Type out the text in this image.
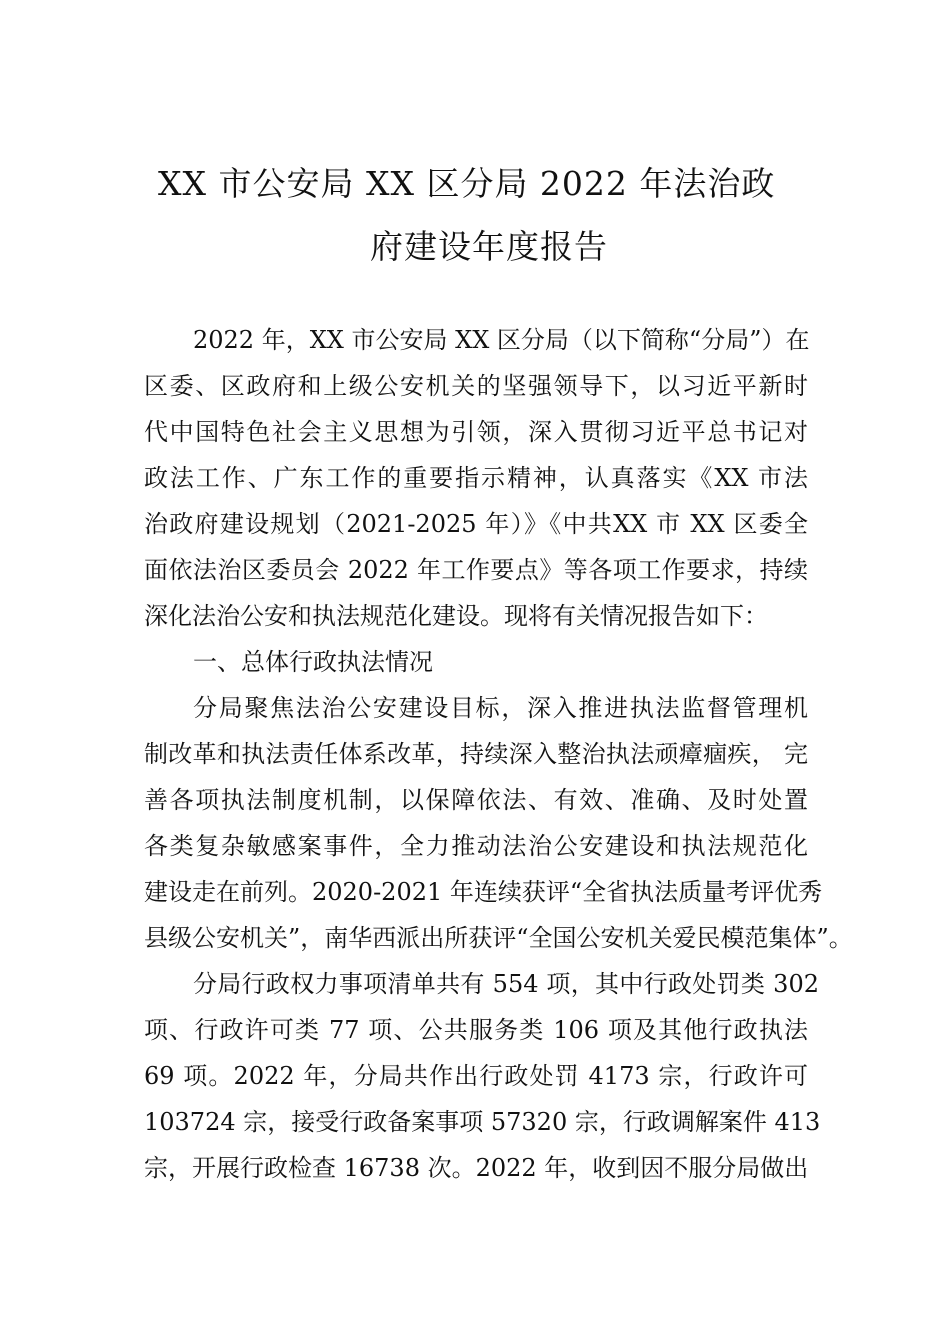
XX 市公安局 XX 区分局 2022 年法治政
府建设年度报告
2022 年，XX 市公安局 XX 区分局（以下简称“分局”）在
区委、区政府和上级公安机关的坚强领导下，以习近平新时
代中国特色社会主义思想为引领，深入贯彻习近平总书记对
政法工作、广东工作的重要指示精神，认真落实《XX 市法
治政府建设规划（2021-2025 年）》《中共XX 市 XX 区委全
面依法治区委员会 2022 年工作要点》等各项工作要求，持续
深化法治公安和执法规范化建设。现将有关情况报告如下：
一、总体行政执法情况
分局聚焦法治公安建设目标，深入推进执法监督管理机
制改革和执法责任体系改革，持续深入整治执法顽瘴痼疾， 完
善各项执法制度机制，以保障依法、有效、准确、及时处置
各类复杂敏感案事件，全力推动法治公安建设和执法规范化
建设走在前列。2020-2021 年连续获评“全省执法质量考评优秀
县级公安机关”，南华西派出所获评“全国公安机关爱民模范集体”。
分局行政权力事项清单共有 554 项，其中行政处罚类 302
项、行政许可类 77 项、公共服务类 106 项及其他行政执法
69 项。2022 年，分局共作出行政处罚 4173 宗，行政许可
103724 宗，接受行政备案事项 57320 宗，行政调解案件 413
宗，开展行政检查 16738 次。2022 年，收到因不服分局做出
